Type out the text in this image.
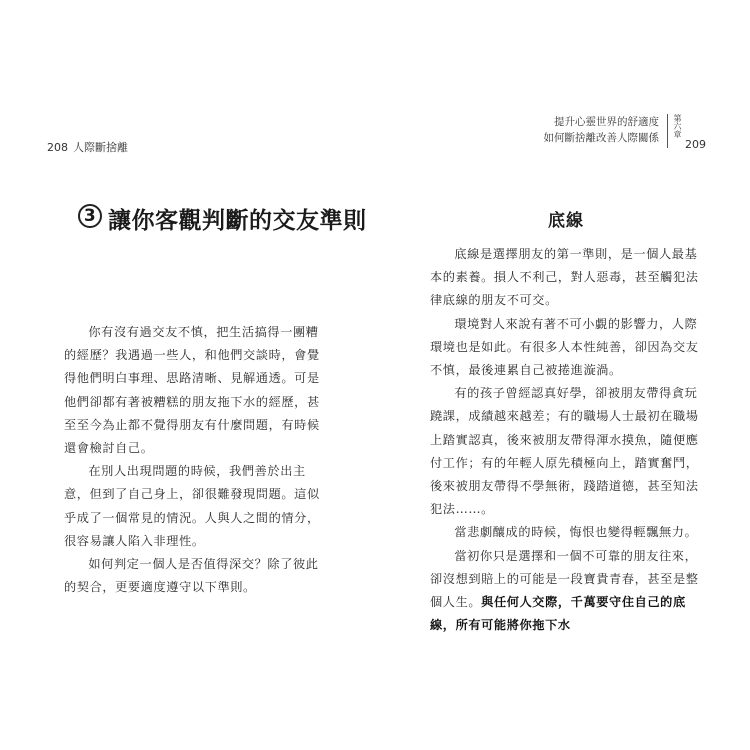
208 人際斷捨離
3 讓你客觀判斷的交友準則

你有沒有過交友不慎，把生活搞得一團糟的經歷？我遇過一些人，和他們交談時，會覺得他們明白事理、思路清晰、見解通透。可是他們卻都有著被糟糕的朋友拖下水的經歷，甚至至今為止都不覺得朋友有什麼問題，有時候還會檢討自己。

在別人出現問題的時候，我們善於出主意，但到了自己身上，卻很難發現問題。這似乎成了一個常見的情況。人與人之間的情分，很容易讓人陷入非理性。

如何判定一個人是否值得深交？除了彼此的契合，更要適度遵守以下準則。

提升心靈世界的舒適度
如何斷捨離改善人際關係 第六章
209
底線

底線是選擇朋友的第一準則，是一個人最基本的素養。損人不利己，對人惡毒，甚至觸犯法律底線的朋友不可交。

環境對人來說有著不可小覷的影響力，人際環境也是如此。有很多人本性純善，卻因為交友不慎，最後連累自己被捲進漩渦。

有的孩子曾經認真好學，卻被朋友帶得貪玩蹺課，成績越來越差；有的職場人士最初在職場上踏實認真，後來被朋友帶得渾水摸魚，隨便應付工作；有的年輕人原先積極向上，踏實奮鬥，後來被朋友帶得不學無術，踐踏道德，甚至知法犯法……。

當悲劇釀成的時候，悔恨也變得輕飄無力。

當初你只是選擇和一個不可靠的朋友往來，卻沒想到賠上的可能是一段寶貴青春，甚至是整個人生。與任何人交際，千萬要守住自己的底線，所有可能將你拖下水
